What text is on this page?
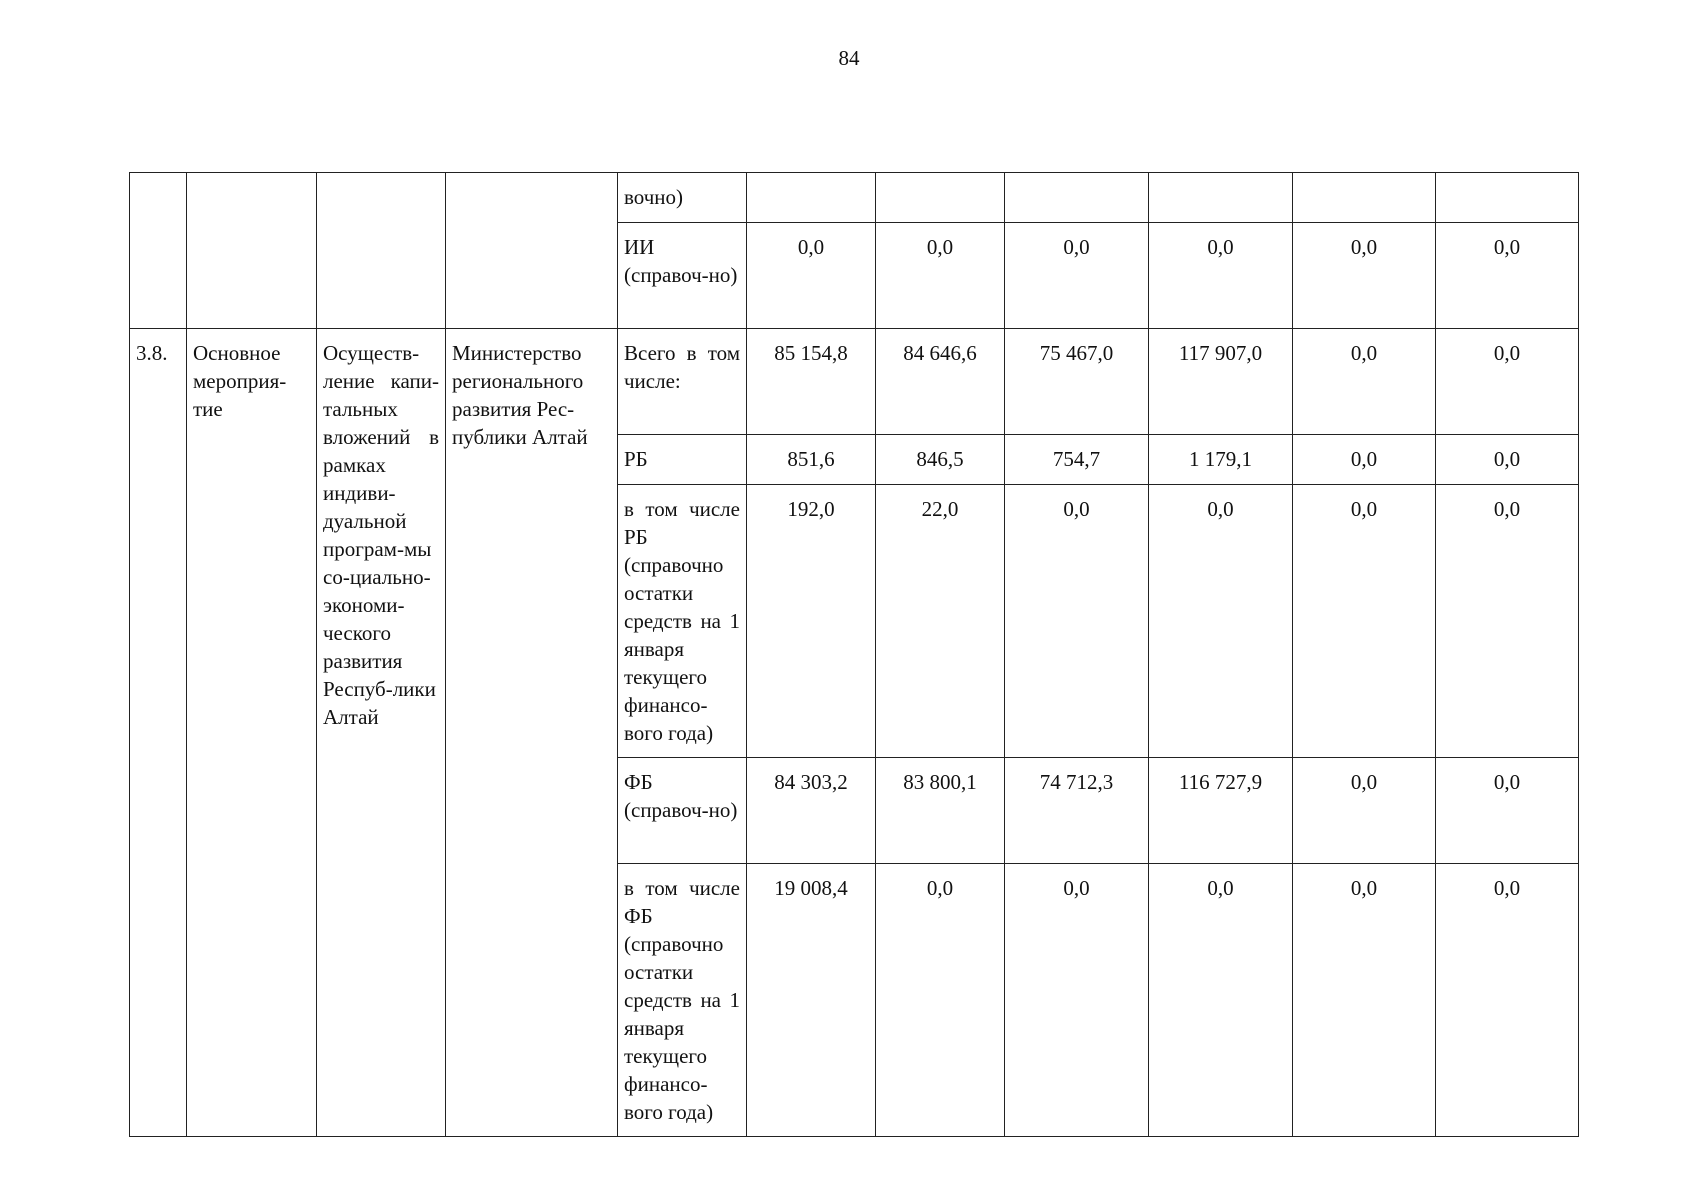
84
				вочно)						
				ИИ (справоч-но)	0,0	0,0	0,0	0,0	0,0	0,0
3.8.	Основное мероприя-тие	Осуществ-ление капи-тальных вложений в рамках индиви-дуальной програм-мы со-циально-экономи-ческого развития Респуб-лики Алтай	Министерство регионального развития Рес-публики Алтай	Всего в том числе:	85 154,8	84 646,6	75 467,0	117 907,0	0,0	0,0
				РБ	851,6	846,5	754,7	1 179,1	0,0	0,0
				в том числе РБ (справочно остатки средств на 1 января текущего финансо-вого года)	192,0	22,0	0,0	0,0	0,0	0,0
				ФБ (справоч-но)	84 303,2	83 800,1	74 712,3	116 727,9	0,0	0,0
				в том числе ФБ (справочно остатки средств на 1 января текущего финансо-вого года)	19 008,4	0,0	0,0	0,0	0,0	0,0
